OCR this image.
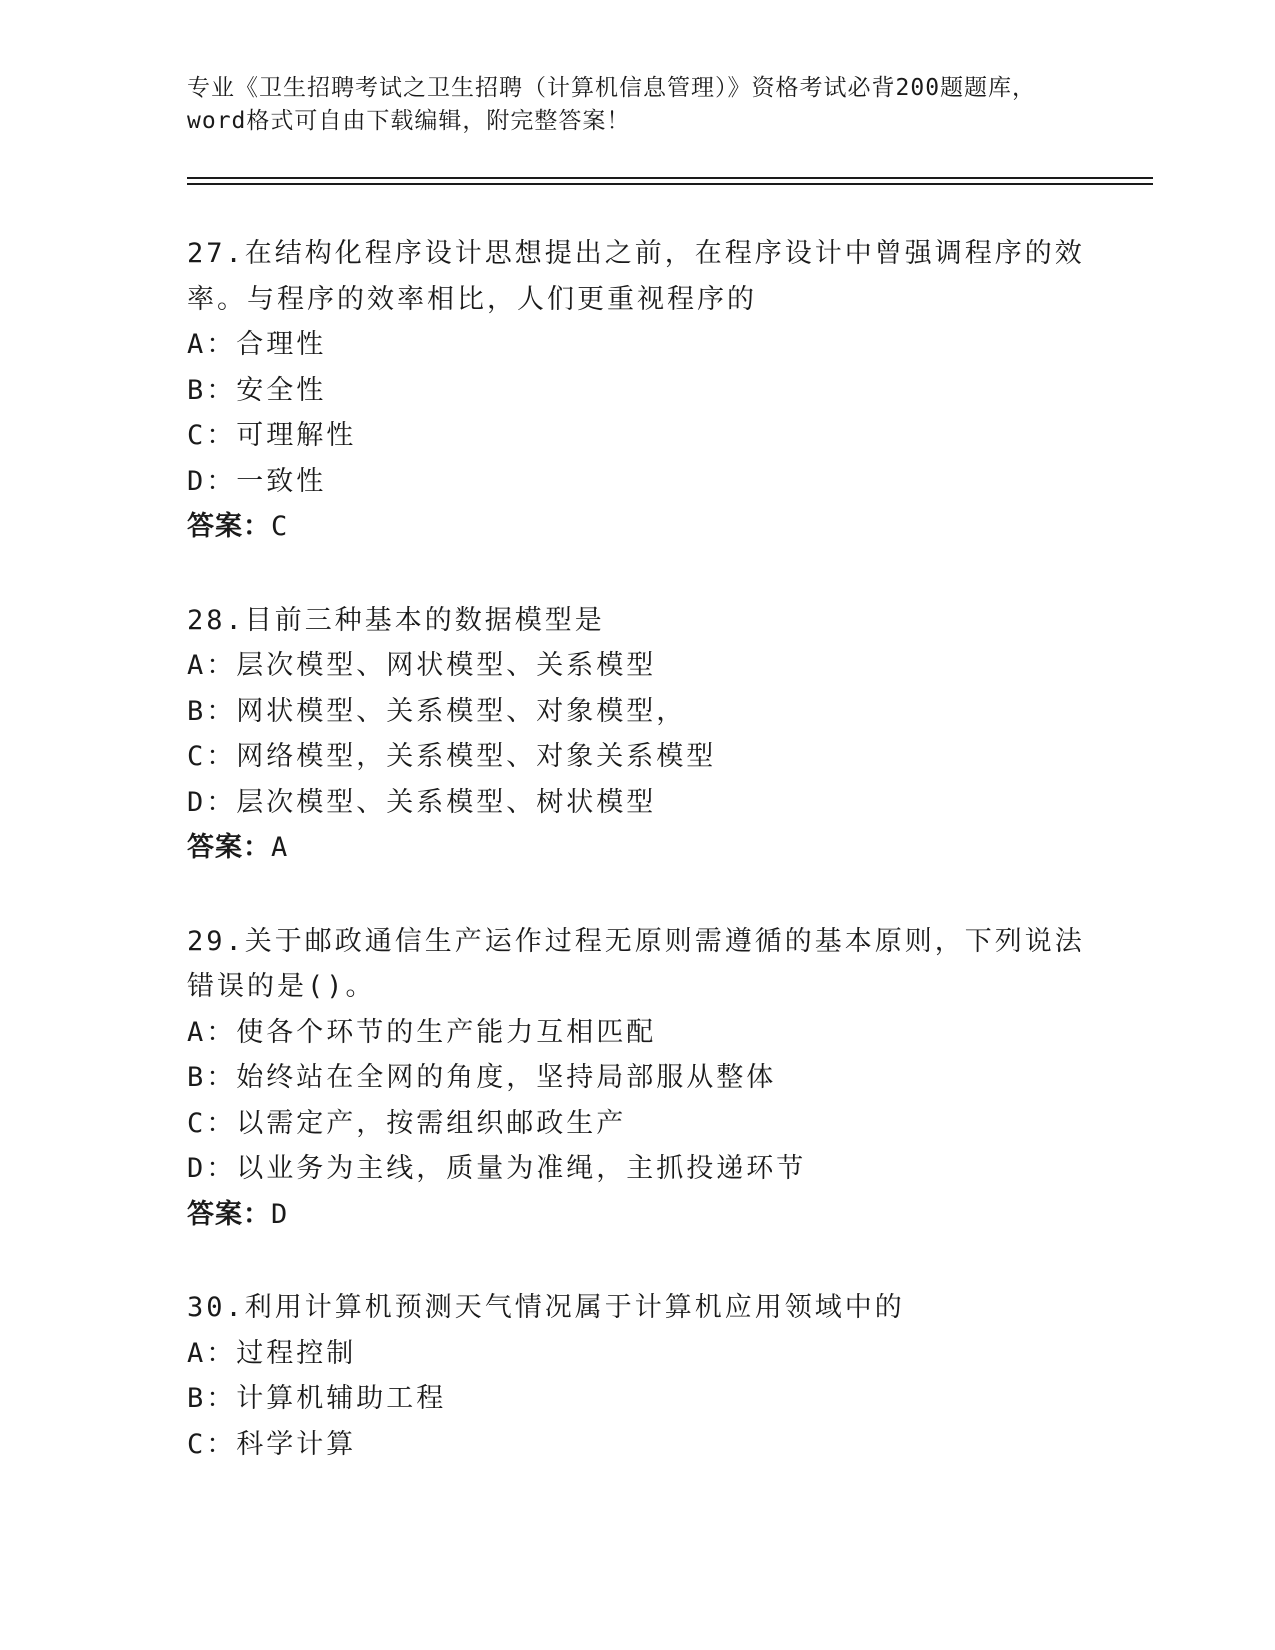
专业《卫生招聘考试之卫生招聘（计算机信息管理）》资格考试必背200题题库，
word格式可自由下载编辑，附完整答案！
27.在结构化程序设计思想提出之前，在程序设计中曾强调程序的效率。与程序的效率相比，人们更重视程序的
A：合理性
B：安全性
C：可理解性
D：一致性
答案：C
28.目前三种基本的数据模型是
A：层次模型、网状模型、关系模型
B：网状模型、关系模型、对象模型，
C：网络模型，关系模型、对象关系模型
D：层次模型、关系模型、树状模型
答案：A
29.关于邮政通信生产运作过程无原则需遵循的基本原则，下列说法错误的是()。
A：使各个环节的生产能力互相匹配
B：始终站在全网的角度，坚持局部服从整体
C：以需定产，按需组织邮政生产
D：以业务为主线，质量为准绳，主抓投递环节
答案：D
30.利用计算机预测天气情况属于计算机应用领域中的
A：过程控制
B：计算机辅助工程
C：科学计算
